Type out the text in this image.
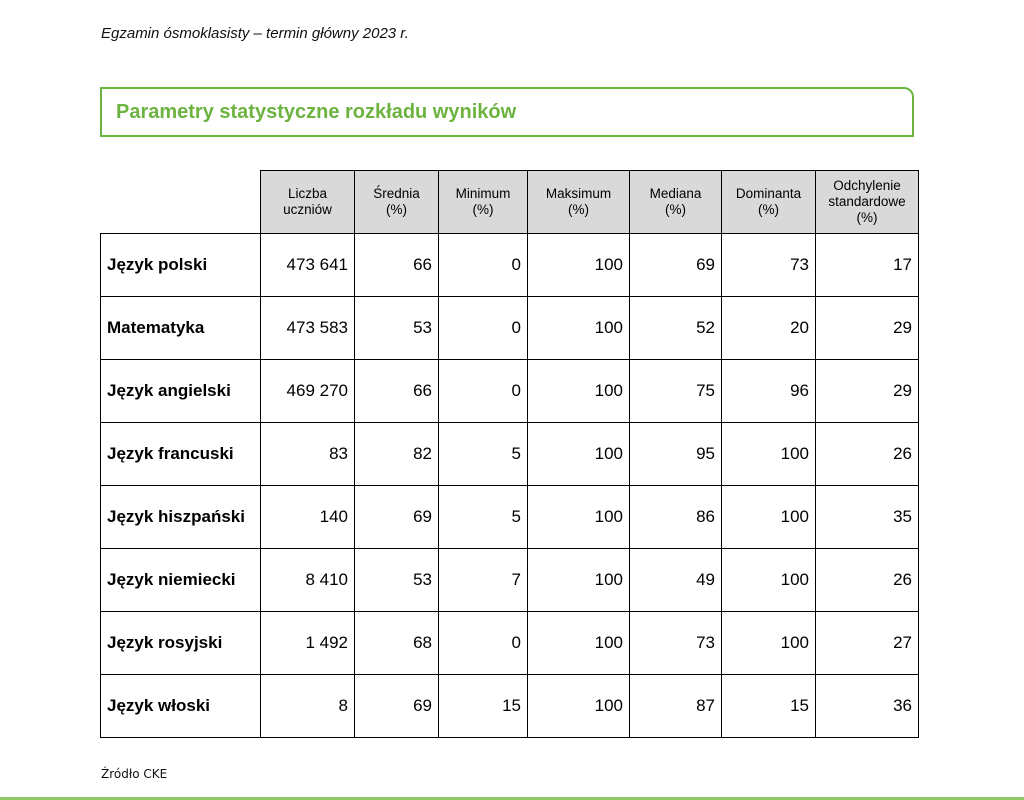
Egzamin ósmoklasisty – termin główny 2023 r.
Parametry statystyczne rozkładu wyników

	Liczba
uczniów	Średnia
(%)	Minimum
(%)	Maksimum
(%)	Mediana
(%)	Dominanta
(%)	Odchylenie
standardowe
(%)

Język polski	473 641	66	0	100	69	73	17
Matematyka	473 583	53	0	100	52	20	29
Język angielski	469 270	66	0	100	75	96	29
Język francuski	83	82	5	100	95	100	26
Język hiszpański	140	69	5	100	86	100	35
Język niemiecki	8 410	53	7	100	49	100	26
Język rosyjski	1 492	68	0	100	73	100	27
Język włoski	8	69	15	100	87	15	36
Źródło CKE
